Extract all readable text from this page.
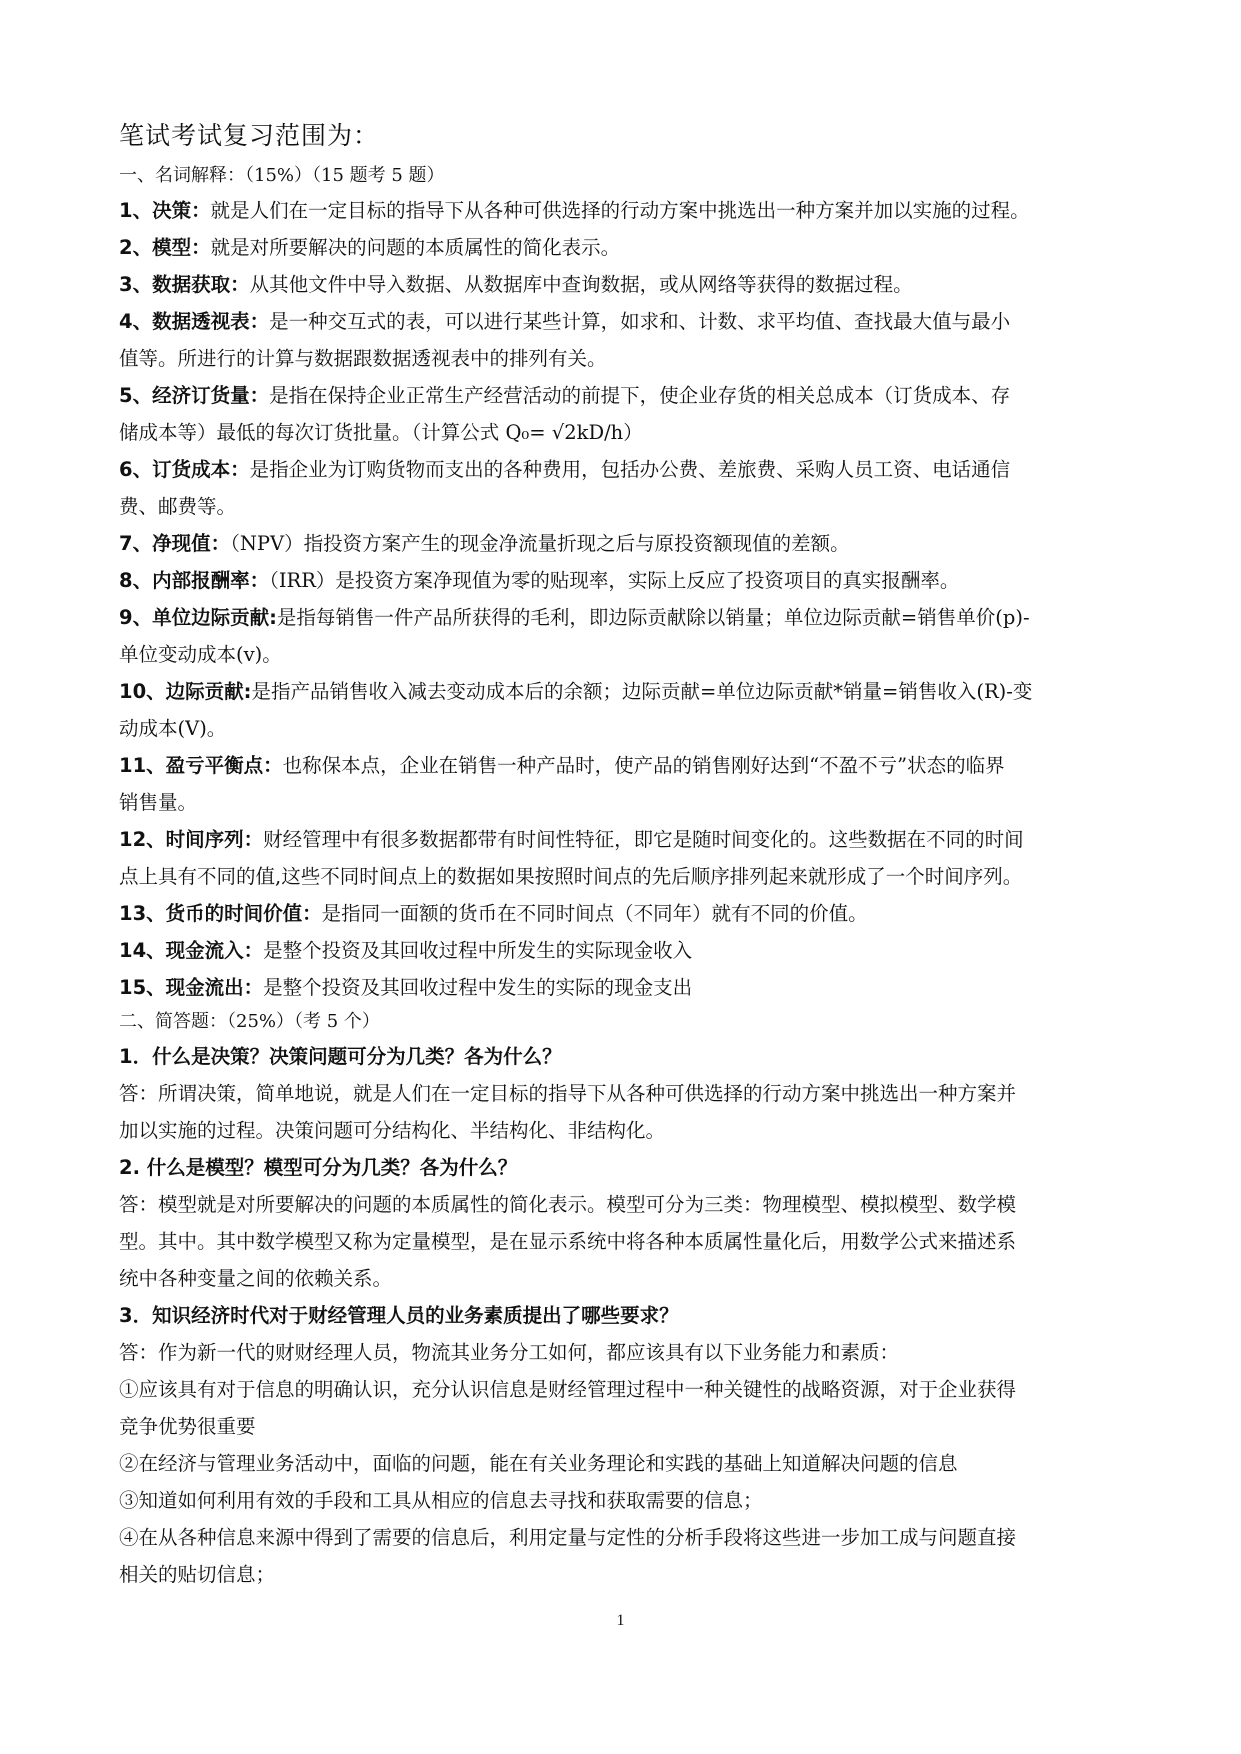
笔试考试复习范围为：
一、名词解释：（15%）（15 题考 5 题）
1、决策：就是人们在一定目标的指导下从各种可供选择的行动方案中挑选出一种方案并加以实施的过程。
2、模型：就是对所要解决的问题的本质属性的简化表示。
3、数据获取：从其他文件中导入数据、从数据库中查询数据，或从网络等获得的数据过程。
4、数据透视表：是一种交互式的表，可以进行某些计算，如求和、计数、求平均值、查找最大值与最小
值等。所进行的计算与数据跟数据透视表中的排列有关。
5、经济订货量：是指在保持企业正常生产经营活动的前提下，使企业存货的相关总成本（订货成本、存
储成本等）最低的每次订货批量。（计算公式 Q₀= √2kD/h）
6、订货成本：是指企业为订购货物而支出的各种费用，包括办公费、差旅费、采购人员工资、电话通信
费、邮费等。
7、净现值：（NPV）指投资方案产生的现金净流量折现之后与原投资额现值的差额。
8、内部报酬率：（IRR）是投资方案净现值为零的贴现率，实际上反应了投资项目的真实报酬率。
9、单位边际贡献:是指每销售一件产品所获得的毛利，即边际贡献除以销量；单位边际贡献=销售单价(p)-
单位变动成本(v)。
10、边际贡献:是指产品销售收入减去变动成本后的余额；边际贡献=单位边际贡献*销量=销售收入(R)-变
动成本(V)。
11、盈亏平衡点：也称保本点，企业在销售一种产品时，使产品的销售刚好达到“不盈不亏”状态的临界
销售量。
12、时间序列：财经管理中有很多数据都带有时间性特征，即它是随时间变化的。这些数据在不同的时间
点上具有不同的值,这些不同时间点上的数据如果按照时间点的先后顺序排列起来就形成了一个时间序列。
13、货币的时间价值：是指同一面额的货币在不同时间点（不同年）就有不同的价值。
14、现金流入：是整个投资及其回收过程中所发生的实际现金收入
15、现金流出：是整个投资及其回收过程中发生的实际的现金支出
二、简答题：（25%）（考 5 个）
1．什么是决策？决策问题可分为几类？各为什么？
答：所谓决策，简单地说，就是人们在一定目标的指导下从各种可供选择的行动方案中挑选出一种方案并
加以实施的过程。决策问题可分结构化、半结构化、非结构化。
2. 什么是模型？模型可分为几类？各为什么？
答：模型就是对所要解决的问题的本质属性的简化表示。模型可分为三类：物理模型、模拟模型、数学模
型。其中。其中数学模型又称为定量模型，是在显示系统中将各种本质属性量化后，用数学公式来描述系
统中各种变量之间的依赖关系。
3．知识经济时代对于财经管理人员的业务素质提出了哪些要求？
答：作为新一代的财财经理人员，物流其业务分工如何，都应该具有以下业务能力和素质：
①应该具有对于信息的明确认识，充分认识信息是财经管理过程中一种关键性的战略资源，对于企业获得
竞争优势很重要
②在经济与管理业务活动中，面临的问题，能在有关业务理论和实践的基础上知道解决问题的信息
③知道如何利用有效的手段和工具从相应的信息去寻找和获取需要的信息；
④在从各种信息来源中得到了需要的信息后，利用定量与定性的分析手段将这些进一步加工成与问题直接
相关的贴切信息；
1
